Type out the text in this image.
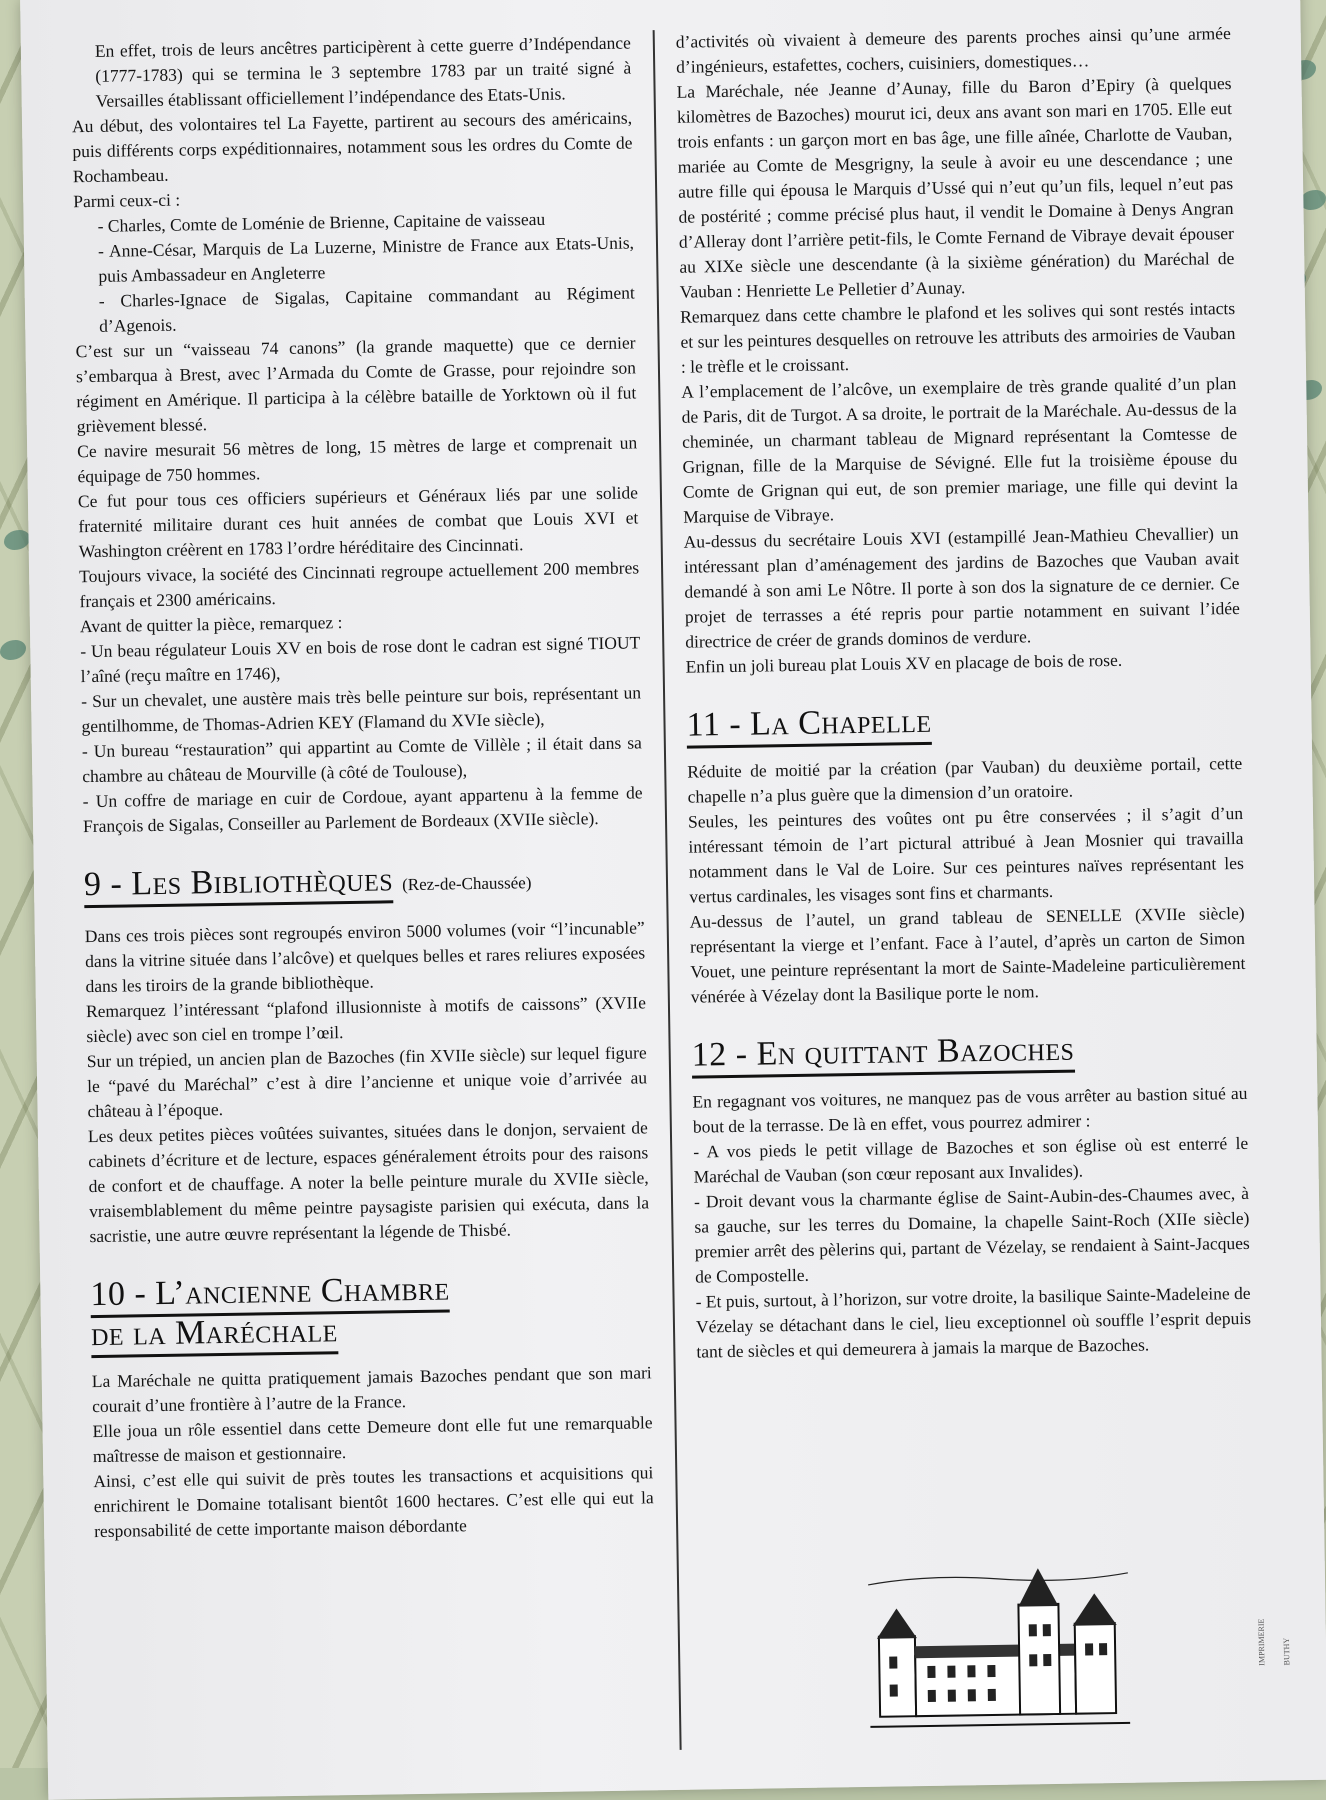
En effet, trois de leurs ancêtres participèrent à cette guerre d’Indépendance (1777-1783) qui se termina le 3 septembre 1783 par un traité signé à Versailles établissant officiellement l’indépendance des Etats-Unis.

Au début, des volontaires tel La Fayette, partirent au secours des américains, puis différents corps expéditionnaires, notamment sous les ordres du Comte de Rochambeau.

Parmi ceux-ci :

- Charles, Comte de Loménie de Brienne, Capitaine de vaisseau

- Anne-César, Marquis de La Luzerne, Ministre de France aux Etats-Unis, puis Ambassadeur en Angleterre

- Charles-Ignace de Sigalas, Capitaine commandant au Régiment d’Agenois.

C’est sur un “vaisseau 74 canons” (la grande maquette) que ce dernier s’embarqua à Brest, avec l’Armada du Comte de Grasse, pour rejoindre son régiment en Amérique. Il participa à la célèbre bataille de Yorktown où il fut grièvement blessé.

Ce navire mesurait 56 mètres de long, 15 mètres de large et comprenait un équipage de 750 hommes.

Ce fut pour tous ces officiers supérieurs et Généraux liés par une solide fraternité militaire durant ces huit années de combat que Louis XVI et Washington créèrent en 1783 l’ordre héréditaire des Cincinnati.

Toujours vivace, la société des Cincinnati regroupe actuellement 200 membres français et 2300 américains.

Avant de quitter la pièce, remarquez :

- Un beau régulateur Louis XV en bois de rose dont le cadran est signé TIOUT l’aîné (reçu maître en 1746),

- Sur un chevalet, une austère mais très belle peinture sur bois, représentant un gentilhomme, de Thomas-Adrien KEY (Flamand du XVIe siècle),

- Un bureau “restauration” qui appartint au Comte de Villèle ; il était dans sa chambre au château de Mourville (à côté de Toulouse),

- Un coffre de mariage en cuir de Cordoue, ayant appartenu à la femme de François de Sigalas, Conseiller au Parlement de Bordeaux (XVIIe siècle).

9 - Les Bibliothèques (Rez-de-Chaussée)

Dans ces trois pièces sont regroupés environ 5000 volumes (voir “l’incunable” dans la vitrine située dans l’alcôve) et quelques belles et rares reliures exposées dans les tiroirs de la grande bibliothèque.

Remarquez l’intéressant “plafond illusionniste à motifs de caissons” (XVIIe siècle) avec son ciel en trompe l’œil.

Sur un trépied, un ancien plan de Bazoches (fin XVIIe siècle) sur lequel figure le “pavé du Maréchal” c’est à dire l’ancienne et unique voie d’arrivée au château à l’époque.

Les deux petites pièces voûtées suivantes, situées dans le donjon, servaient de cabinets d’écriture et de lecture, espaces généralement étroits pour des raisons de confort et de chauffage. A noter la belle peinture murale du XVIIe siècle, vraisemblablement du même peintre paysagiste parisien qui exécuta, dans la sacristie, une autre œuvre représentant la légende de Thisbé.

10 - L’ancienne Chambre
de la Maréchale

La Maréchale ne quitta pratiquement jamais Bazoches pendant que son mari courait d’une frontière à l’autre de la France.

Elle joua un rôle essentiel dans cette Demeure dont elle fut une remarquable maîtresse de maison et gestionnaire.

Ainsi, c’est elle qui suivit de près toutes les transactions et acquisitions qui enrichirent le Domaine totalisant bientôt 1600 hectares. C’est elle qui eut la responsabilité de cette importante maison débordante

d’activités où vivaient à demeure des parents proches ainsi qu’une armée d’ingénieurs, estafettes, cochers, cuisiniers, domestiques…

La Maréchale, née Jeanne d’Aunay, fille du Baron d’Epiry (à quelques kilomètres de Bazoches) mourut ici, deux ans avant son mari en 1705. Elle eut trois enfants : un garçon mort en bas âge, une fille aînée, Charlotte de Vauban, mariée au Comte de Mesgrigny, la seule à avoir eu une descendance ; une autre fille qui épousa le Marquis d’Ussé qui n’eut qu’un fils, lequel n’eut pas de postérité ; comme précisé plus haut, il vendit le Domaine à Denys Angran d’Alleray dont l’arrière petit-fils, le Comte Fernand de Vibraye devait épouser au XIXe siècle une descendante (à la sixième génération) du Maréchal de Vauban : Henriette Le Pelletier d’Aunay.

Remarquez dans cette chambre le plafond et les solives qui sont restés intacts et sur les peintures desquelles on retrouve les attributs des armoiries de Vauban : le trèfle et le croissant.

A l’emplacement de l’alcôve, un exemplaire de très grande qualité d’un plan de Paris, dit de Turgot. A sa droite, le portrait de la Maréchale. Au-dessus de la cheminée, un charmant tableau de Mignard représentant la Comtesse de Grignan, fille de la Marquise de Sévigné. Elle fut la troisième épouse du Comte de Grignan qui eut, de son premier mariage, une fille qui devint la Marquise de Vibraye.

Au-dessus du secrétaire Louis XVI (estampillé Jean-Mathieu Chevallier) un intéressant plan d’aménagement des jardins de Bazoches que Vauban avait demandé à son ami Le Nôtre. Il porte à son dos la signature de ce dernier. Ce projet de terrasses a été repris pour partie notamment en suivant l’idée directrice de créer de grands dominos de verdure.

Enfin un joli bureau plat Louis XV en placage de bois de rose.

11 - La Chapelle

Réduite de moitié par la création (par Vauban) du deuxième portail, cette chapelle n’a plus guère que la dimension d’un oratoire.

Seules, les peintures des voûtes ont pu être conservées ; il s’agit d’un intéressant témoin de l’art pictural attribué à Jean Mosnier qui travailla notamment dans le Val de Loire. Sur ces peintures naïves représentant les vertus cardinales, les visages sont fins et charmants.

Au-dessus de l’autel, un grand tableau de SENELLE (XVIIe siècle) représentant la vierge et l’enfant. Face à l’autel, d’après un carton de Simon Vouet, une peinture représentant la mort de Sainte-Madeleine particulièrement vénérée à Vézelay dont la Basilique porte le nom.

12 - En quittant Bazoches

En regagnant vos voitures, ne manquez pas de vous arrêter au bastion situé au bout de la terrasse. De là en effet, vous pourrez admirer :

- A vos pieds le petit village de Bazoches et son église où est enterré le Maréchal de Vauban (son cœur reposant aux Invalides).

- Droit devant vous la charmante église de Saint-Aubin-des-Chaumes avec, à sa gauche, sur les terres du Domaine, la chapelle Saint-Roch (XIIe siècle) premier arrêt des pèlerins qui, partant de Vézelay, se rendaient à Saint-Jacques de Compostelle.

- Et puis, surtout, à l’horizon, sur votre droite, la basilique Sainte-Madeleine de Vézelay se détachant dans le ciel, lieu exceptionnel où souffle l’esprit depuis tant de siècles et qui demeurera à jamais la marque de Bazoches.

IMPRIMERIE BUTHY
